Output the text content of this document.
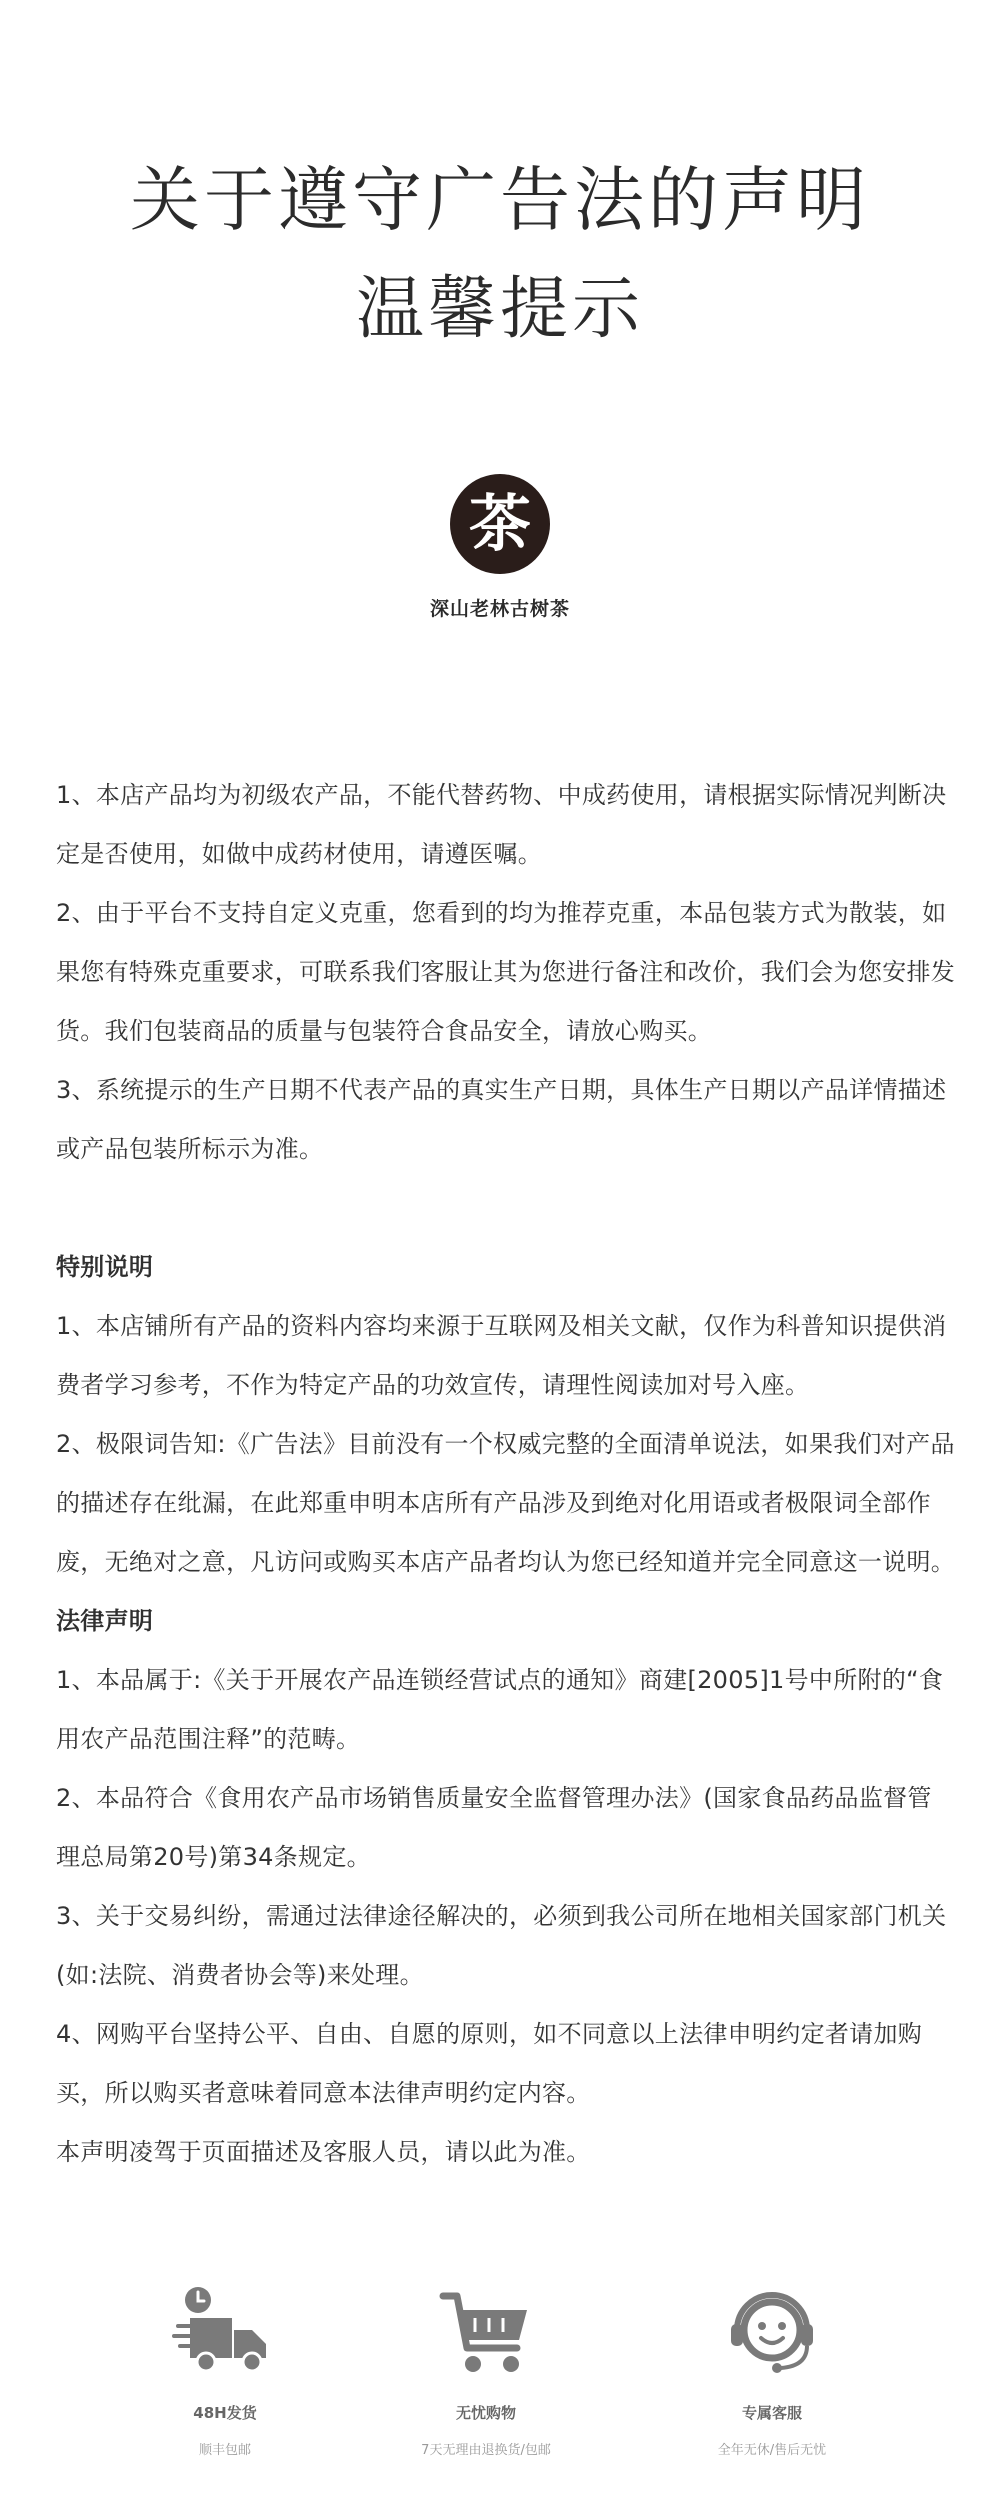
关于遵守广告法的声明
温馨提示
茶
深山老林古树茶

1、本店产品均为初级农产品，不能代替药物、中成药使用，请根据实际情况判断决定是否使用，如做中成药材使用，请遵医嘱。

2、由于平台不支持自定义克重，您看到的均为推荐克重，本品包装方式为散装，如果您有特殊克重要求，可联系我们客服让其为您进行备注和改价，我们会为您安排发货。我们包装商品的质量与包装符合食品安全，请放心购买。

3、系统提示的生产日期不代表产品的真实生产日期，具体生产日期以产品详情描述或产品包装所标示为准。

特别说明

1、本店铺所有产品的资料内容均来源于互联网及相关文献，仅作为科普知识提供消费者学习参考，不作为特定产品的功效宣传，请理性阅读加对号入座。

2、极限词告知:《广告法》目前没有一个权威完整的全面清单说法，如果我们对产品的描述存在纰漏，在此郑重申明本店所有产品涉及到绝对化用语或者极限词全部作废，无绝对之意，凡访问或购买本店产品者均认为您已经知道并完全同意这一说明。

法律声明

1、本品属于:《关于开展农产品连锁经营试点的通知》商建[2005]1号中所附的“食用农产品范围注释”的范畴。

2、本品符合《食用农产品市场销售质量安全监督管理办法》(国家食品药品监督管理总局第20号)第34条规定。

3、关于交易纠纷，需通过法律途径解决的，必须到我公司所在地相关国家部门机关(如:法院、消费者协会等)来处理。

4、网购平台坚持公平、自由、自愿的原则，如不同意以上法律申明约定者请加购买，所以购买者意味着同意本法律声明约定内容。

本声明凌驾于页面描述及客服人员，请以此为准。

48H发货
顺丰包邮
无忧购物
7天无理由退换货/包邮
专属客服
全年无休/售后无忧
